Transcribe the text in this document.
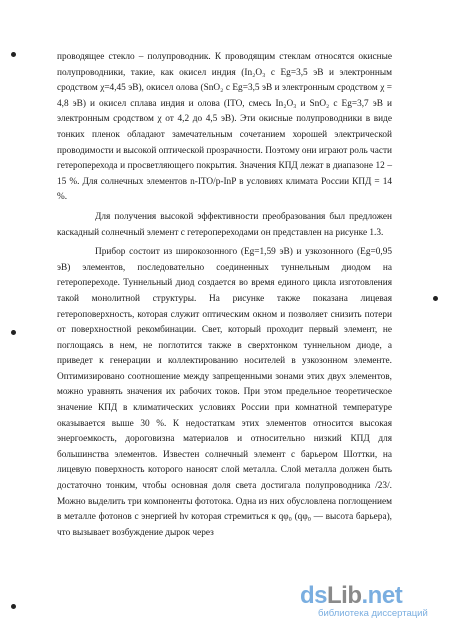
проводящее стекло – полупроводник. К проводящим стеклам относятся окисные полупроводники, такие, как окисел индия (In₂O₃ с Eg=3,5 эВ и электронным сродством χ=4,45 эВ), окисел олова (SnO₂ с Eg=3,5 эВ и электронным сродством χ = 4,8 эВ) и окисел сплава индия и олова (ITO, смесь In₂O₃ и SnO₂ с Eg=3,7 эВ и электронным сродством χ от 4,2 до 4,5 эВ). Эти окисные полупроводники в виде тонких пленок обладают замечательным сочетанием хорошей электрической проводимости и высокой оптической прозрачности. Поэтому они играют роль части гетероперехода и просветляющего покрытия. Значения КПД лежат в диапазоне 12 – 15 %. Для солнечных элементов n-ITO/p-InP в условиях климата России КПД = 14 %.

Для получения высокой эффективности преобразования был предложен каскадный солнечный элемент с гетеропереходами он представлен на рисунке 1.3.

Прибор состоит из широкозонного (Eg=1,59 эВ) и узкозонного (Eg=0,95 эВ) элементов, последовательно соединенных туннельным диодом на гетеропереходе. Туннельный диод создается во время единого цикла изготовления такой монолитной структуры. На рисунке также показана лицевая гетероповерхность, которая служит оптическим окном и позволяет снизить потери от поверхностной рекомбинации. Свет, который проходит первый элемент, не поглощаясь в нем, не поглотится также в сверхтонком туннельном диоде, а приведет к генерации и коллектированию носителей в узкозонном элементе. Оптимизировано соотношение между запрещенными зонами этих двух элементов, можно уравнять значения их рабочих токов. При этом предельное теоретическое значение КПД в климатических условиях России при комнатной температуре оказывается выше 30 %. К недостаткам этих элементов относится высокая энергоемкость, дороговизна материалов и относительно низкий КПД для большинства элементов. Известен солнечный элемент с барьером Шоттки, на лицевую поверхность которого наносят слой металла. Слой металла должен быть достаточно тонким, чтобы основная доля света достигала полупроводника /23/. Можно выделить три компоненты фототока. Одна из них обусловлена поглощением в металле фотонов с энергией hν которая стремиться к qφ₀ (qφ₀ — высота барьера), что вызывает возбуждение дырок через

dsLib.net
библиотека диссертаций
